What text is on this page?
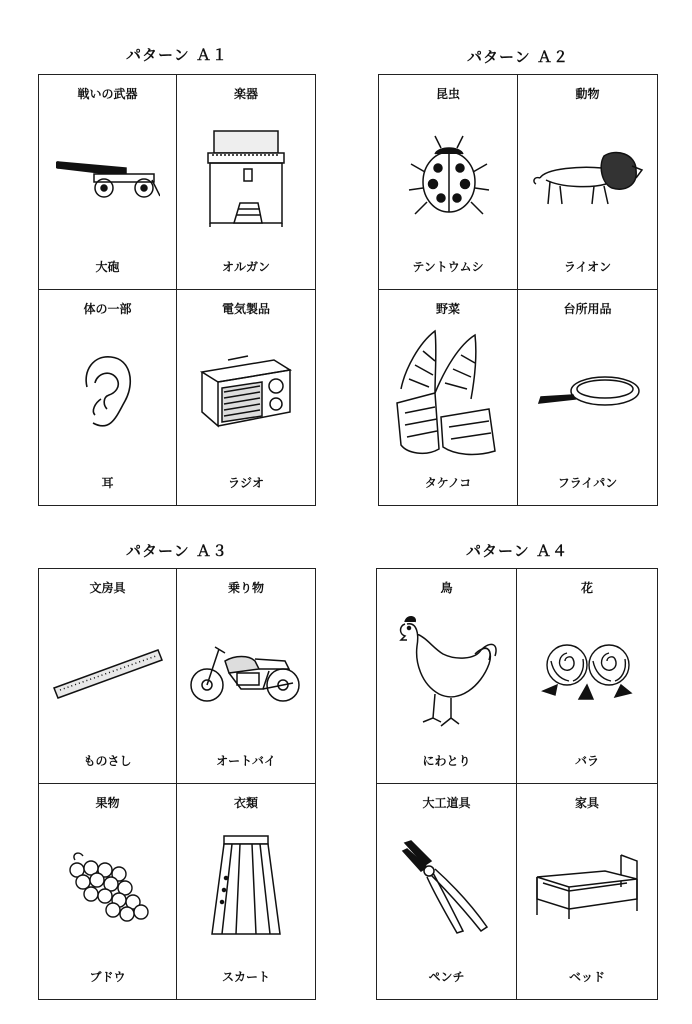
パターン Ａ１
戦いの武器
大砲
楽器
オルガン
体の一部
耳
電気製品
ラジオ
パターン Ａ２
昆虫
テントウムシ
動物
ライオン
野菜
タケノコ
台所用品
フライパン
パターン Ａ３
文房具
ものさし
乗り物
オートバイ
果物
ブドウ
衣類
スカート
パターン Ａ４
鳥
にわとり
花
バラ
大工道具
ペンチ
家具
ベッド
